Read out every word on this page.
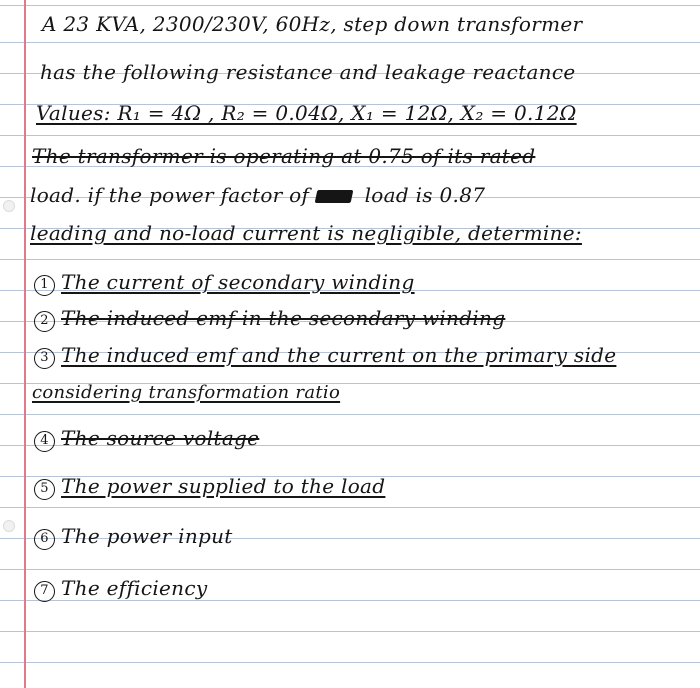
A 23 KVA, 2300/230V, 60Hz, step down transformer
has the following resistance and leakage reactance
Values: R₁ = 4Ω , R₂ = 0.04Ω, X₁ = 12Ω, X₂ = 0.12Ω
The transformer is operating at 0.75 of its rated
load. if the power factor of	load is 0.87
leading and no-load current is negligible, determine:
1 The current of secondary winding
2 The induced emf in the secondary winding
3 The induced emf and the current on the primary side
considering transformation ratio
4 The source voltage
5 The power supplied to the load
6 The power input
7 The efficiency
